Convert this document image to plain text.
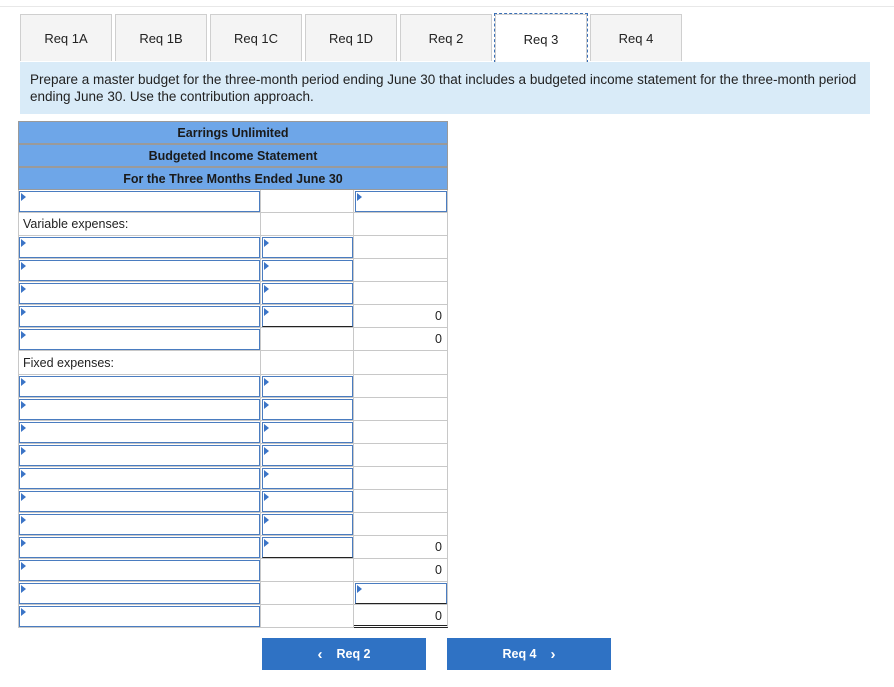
Req 1A	Req 1B	Req 1C	Req 1D	Req 2	Req 3	Req 4
Prepare a master budget for the three-month period ending June 30 that includes a budgeted income statement for the three-month period ending June 30. Use the contribution approach.
Earrings Unlimited
Budgeted Income Statement
For the Three Months Ended June 30
Variable expenses:
0
0
Fixed expenses:
0
0
0
‹ Req 2	Req 4 ›
